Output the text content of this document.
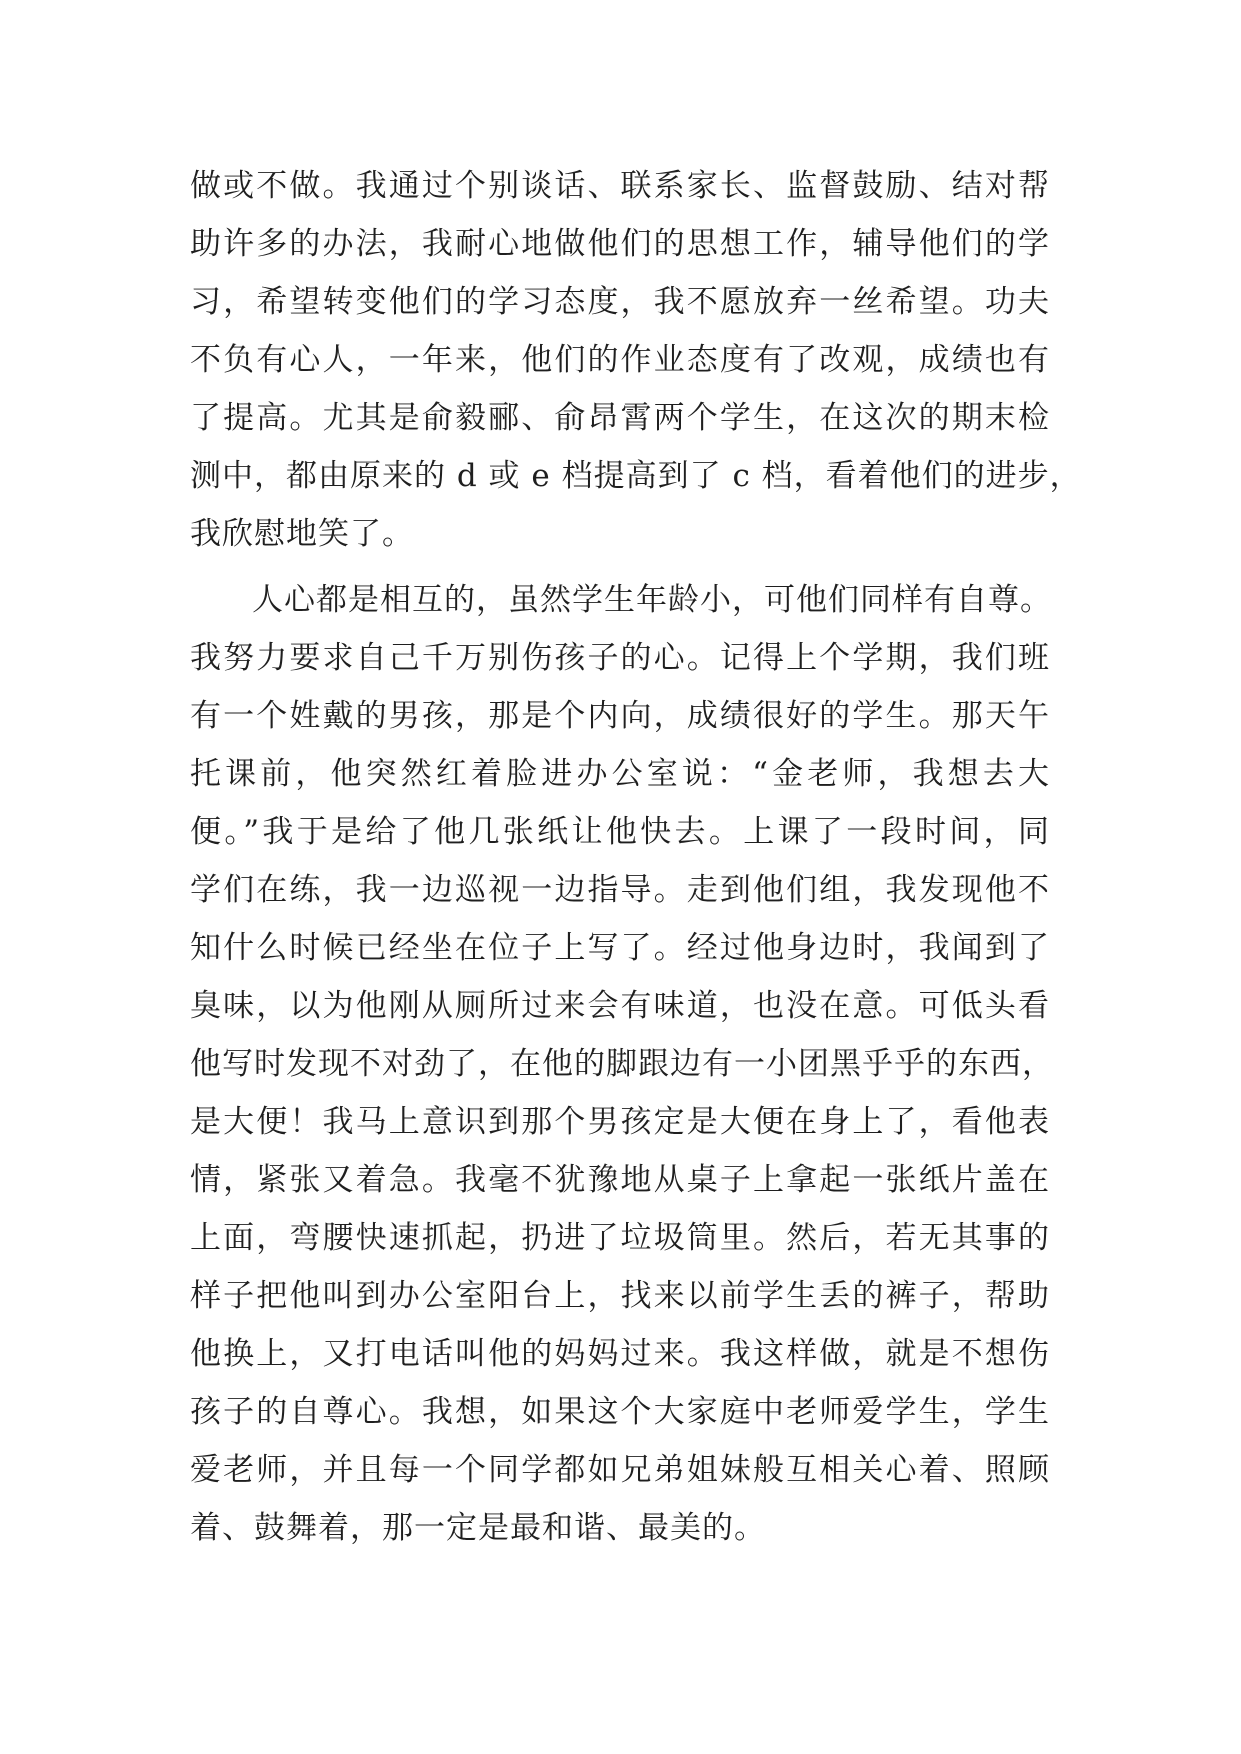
做或不做。我通过个别谈话、联系家长、监督鼓励、结对帮
助许多的办法，我耐心地做他们的思想工作，辅导他们的学
习，希望转变他们的学习态度，我不愿放弃一丝希望。功夫
不负有心人，一年来，他们的作业态度有了改观，成绩也有
了提高。尤其是俞毅郦、俞昂霄两个学生，在这次的期末检
测中，都由原来的 d 或 e 档提高到了 c 档，看着他们的进步，
我欣慰地笑了。
人心都是相互的，虽然学生年龄小，可他们同样有自尊。
我努力要求自己千万别伤孩子的心。记得上个学期，我们班
有一个姓戴的男孩，那是个内向，成绩很好的学生。那天午
托课前，他突然红着脸进办公室说：“金老师，我想去大
便。”我于是给了他几张纸让他快去。上课了一段时间，同
学们在练，我一边巡视一边指导。走到他们组，我发现他不
知什么时候已经坐在位子上写了。经过他身边时，我闻到了
臭味，以为他刚从厕所过来会有味道，也没在意。可低头看
他写时发现不对劲了，在他的脚跟边有一小团黑乎乎的东西，
是大便！我马上意识到那个男孩定是大便在身上了，看他表
情，紧张又着急。我毫不犹豫地从桌子上拿起一张纸片盖在
上面，弯腰快速抓起，扔进了垃圾筒里。然后，若无其事的
样子把他叫到办公室阳台上，找来以前学生丢的裤子，帮助
他换上，又打电话叫他的妈妈过来。我这样做，就是不想伤
孩子的自尊心。我想，如果这个大家庭中老师爱学生，学生
爱老师，并且每一个同学都如兄弟姐妹般互相关心着、照顾
着、鼓舞着，那一定是最和谐、最美的。
